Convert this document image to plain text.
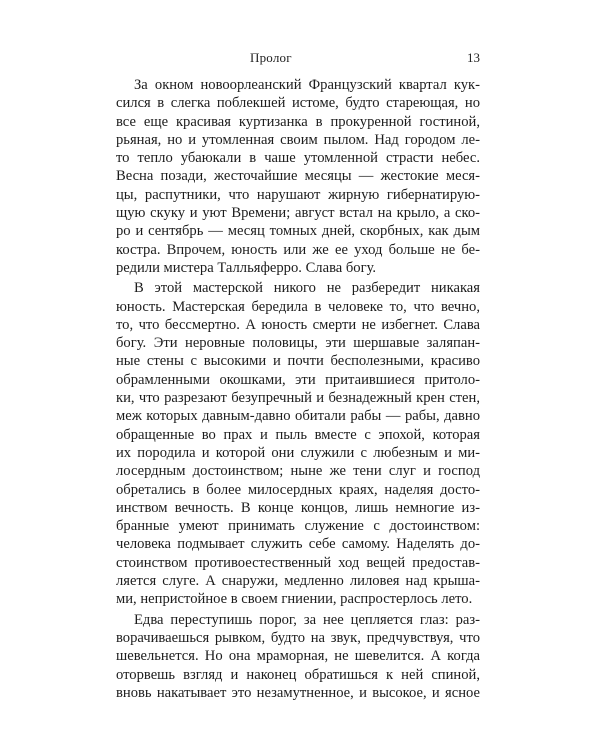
Пролог	13
За окном новоорлеанский Французский квартал кук-
сился в слегка поблекшей истоме, будто стареющая, но
все еще красивая куртизанка в прокуренной гостиной,
рьяная, но и утомленная своим пылом. Над городом ле-
то тепло убаюкали в чаше утомленной страсти небес.
Весна позади, жесточайшие месяцы — жестокие меся-
цы, распутники, что нарушают жирную гибернатирую-
щую скуку и уют Времени; август встал на крыло, а ско-
ро и сентябрь — месяц томных дней, скорбных, как дым
костра. Впрочем, юность или же ее уход больше не бе-
редили мистера Талльяферро. Слава богу.
В этой мастерской никого не разбередит никакая
юность. Мастерская бередила в человеке то, что вечно,
то, что бессмертно. А юность смерти не избегнет. Слава
богу. Эти неровные половицы, эти шершавые заляпан-
ные стены с высокими и почти бесполезными, красиво
обрамленными окошками, эти притаившиеся притоло-
ки, что разрезают безупречный и безнадежный крен стен,
меж которых давным-давно обитали рабы — рабы, давно
обращенные во прах и пыль вместе с эпохой, которая
их породила и которой они служили с любезным и ми-
лосердным достоинством; ныне же тени слуг и господ
обретались в более милосердных краях, наделяя досто-
инством вечность. В конце концов, лишь немногие из-
бранные умеют принимать служение с достоинством:
человека подмывает служить себе самому. Наделять до-
стоинством противоестественный ход вещей предостав-
ляется слуге. А снаружи, медленно лиловея над крыша-
ми, непристойное в своем гниении, распростерлось лето.
Едва переступишь порог, за нее цепляется глаз: раз-
ворачиваешься рывком, будто на звук, предчувствуя, что
шевельнется. Но она мраморная, не шевелится. А когда
оторвешь взгляд и наконец обратишься к ней спиной,
вновь накатывает это незамутненное, и высокое, и ясное
